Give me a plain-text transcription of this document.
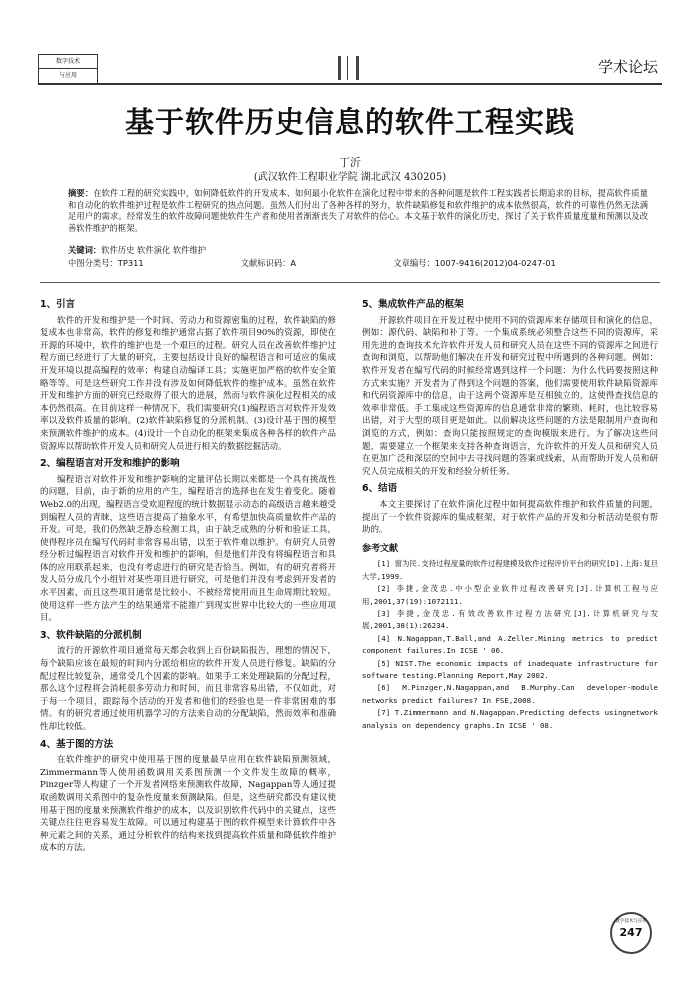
数字技术
与应用	学术论坛
基于软件历史信息的软件工程实践
丁沂
(武汉软件工程职业学院 湖北武汉 430205)
摘要：在软件工程的研究实践中，如何降低软件的开发成本、如何最小化软件在演化过程中带来的各种问题是软件工程实践者长期追求的目标，提高软件质量和自动化的软件维护过程是软件工程研究的热点问题。虽然人们付出了各种各样的努力，软件缺陷修复和软件维护的成本依然很高，软件的可靠性仍然无法满足用户的需求。经常发生的软件故障问题使软件生产者和使用者渐渐丧失了对软件的信心。本文基于软件的演化历史，探讨了关于软件质量度量和预测以及改善软件维护的框架。
关键词：软件历史 软件演化 软件维护
中图分类号：TP311	文献标识码：A	文章编号：1007-9416(2012)04-0247-01
1、引言

软件的开发和维护是一个时间、劳动力和资源密集的过程，软件缺陷的修复成本也非常高，软件的修复和维护通常占据了软件项目90%的资源，即使在开源的环境中，软件的维护也是一个艰巨的过程。研究人员在改善软件维护过程方面已经进行了大量的研究，主要包括设计良好的编程语言和可适应的集成开发环境以提高编程的效率；构建自动编译工具；实施更加严格的软件安全策略等等。可是这些研究工作并没有涉及如何降低软件的维护成本。虽然在软件开发和维护方面的研究已经取得了很大的进展，然而与软件演化过程相关的成本仍然很高。在目前这样一种情况下，我们需要研究(1)编程语言对软件开发效率以及软件质量的影响。(2)软件缺陷修复的分派机制。(3)设计基于图的模型来预测软件维护的成本。(4)设计一个自动化的框架来集成各种各样的软件产品资源库以帮助软件开发人员和研究人员进行相关的数据挖掘活动。

2、编程语言对开发和维护的影响

编程语言对软件开发和维护影响的定量评估长期以来都是一个具有挑战性的问题，目前，由于新的应用的产生，编程语言的选择也在发生着变化。随着Web2.0的出现，编程语言受欢迎程度的统计数据显示动态的高级语言越来越受到编程人员的青睐，这些语言提高了抽象水平，有希望加快高质量软件产品的开发。可是，我们仍然缺乏静态检测工具，由于缺乏成熟的分析和验证工具，使得程序员在编写代码时非常容易出错，以至于软件难以维护。有研究人员曾经分析过编程语言对软件开发和维护的影响，但是他们并没有将编程语言和具体的应用联系起来，也没有考虑进行的研究是否恰当。例如，有的研究者将开发人员分成几个小组针对某些项目进行研究，可是他们并没有考虑到开发者的水平因素，而且这些项目通常是比较小、不被经常使用而且生命周期比较短。使用这样一些方法产生的结果通常不能推广到现实世界中比较大的一些应用项目。

3、软件缺陷的分派机制

流行的开源软件项目通常每天都会收到上百份缺陷报告，理想的情况下，每个缺陷应该在最短的时间内分派给相应的软件开发人员进行修复。缺陷的分配过程比较复杂，通常受几个因素的影响。如果手工来处理缺陷的分配过程，那么这个过程将会消耗很多劳动力和时间，而且非常容易出错，不仅如此，对于每一个项目，跟踪每个活动的开发者和他们的经验也是一件非常困难的事情。有的研究者通过使用机器学习的方法来自动的分配缺陷，然而效率和准确性却比较低。

4、基于图的方法

在软件维护的研究中使用基于图的度量最早应用在软件缺陷预测领域，Zimmermann等人使用函数调用关系图预测一个文件发生故障的概率，Pinzger等人构建了一个开发者网络来预测软件故障，Nagappan等人通过提取函数调用关系图中的复杂性度量来预测缺陷。但是，这些研究都没有建议使用基于图的度量来预测软件维护的成本，以及识别软件代码中的关键点，这些关键点往往更容易发生故障。可以通过构建基于图的软件模型来计算软件中各种元素之间的关系，通过分析软件的结构来找到提高软件质量和降低软件维护成本的方法。

5、集成软件产品的框架

开源软件项目在开发过程中使用不同的资源库来存储项目和演化的信息，例如：源代码、缺陷和补丁等。一个集成系统必须整合这些不同的资源库，采用先进的查询技术允许软件开发人员和研究人员在这些不同的资源库之间进行查询和浏览，以帮助他们解决在开发和研究过程中所遇到的各种问题。例如：软件开发者在编写代码的时候经常遇到这样一个问题：为什么代码要按照这种方式来实施？开发者为了得到这个问题的答案，他们需要使用软件缺陷资源库和代码资源库中的信息，由于这两个资源库是互相独立的，这使得查找信息的效率非常低。手工集成这些资源库的信息通常非常的繁琐、耗时，也比较容易出错，对于大型的项目更是如此。以前解决这些问题的方法是限制用户查询和浏览的方式，例如：查询只能按照规定的查询模版来进行。为了解决这些问题，需要建立一个框架来支持各种查询语言，允许软件的开发人员和研究人员在更加广泛和深层的空间中去寻找问题的答案或线索，从而帮助开发人员和研究人员完成相关的开发和经验分析任务。

6、结语

本文主要探讨了在软件演化过程中如何提高软件维护和软件质量的问题，提出了一个软件资源库的集成框架，对于软件产品的开发和分析活动是很有帮助的。

参考文献

[1] 窗为民.支持过程度量的软件过程建模及软件过程评价平台的研究[D].上海:复旦大学,1999.

[2] 李捷,金茂忠.中小型企业软件过程改善研究[J].计算机工程与应用,2001,37(19):1072111.

[3] 李捷,金茂忠.有效改善软件过程方法研究[J].计算机研究与发展,2001,38(1):26234.

[4] N.Nagappan,T.Ball,and A.Zeller.Mining metrics to predict component failures.In ICSE ' 06.

[5] NIST.The economic impacts of inadequate infrastructure for software testing.Planning Report,May 2002.

[6] M.Pinzger,N.Nagappan,and B.Murphy.Can developer-module networks predict failures? In FSE,2008.

[7] T.Zimmermann and N.Nagappan.Predicting defects usingnetwork analysis on dependency graphs.In ICSE ' 08.

数字技术与应用
247
